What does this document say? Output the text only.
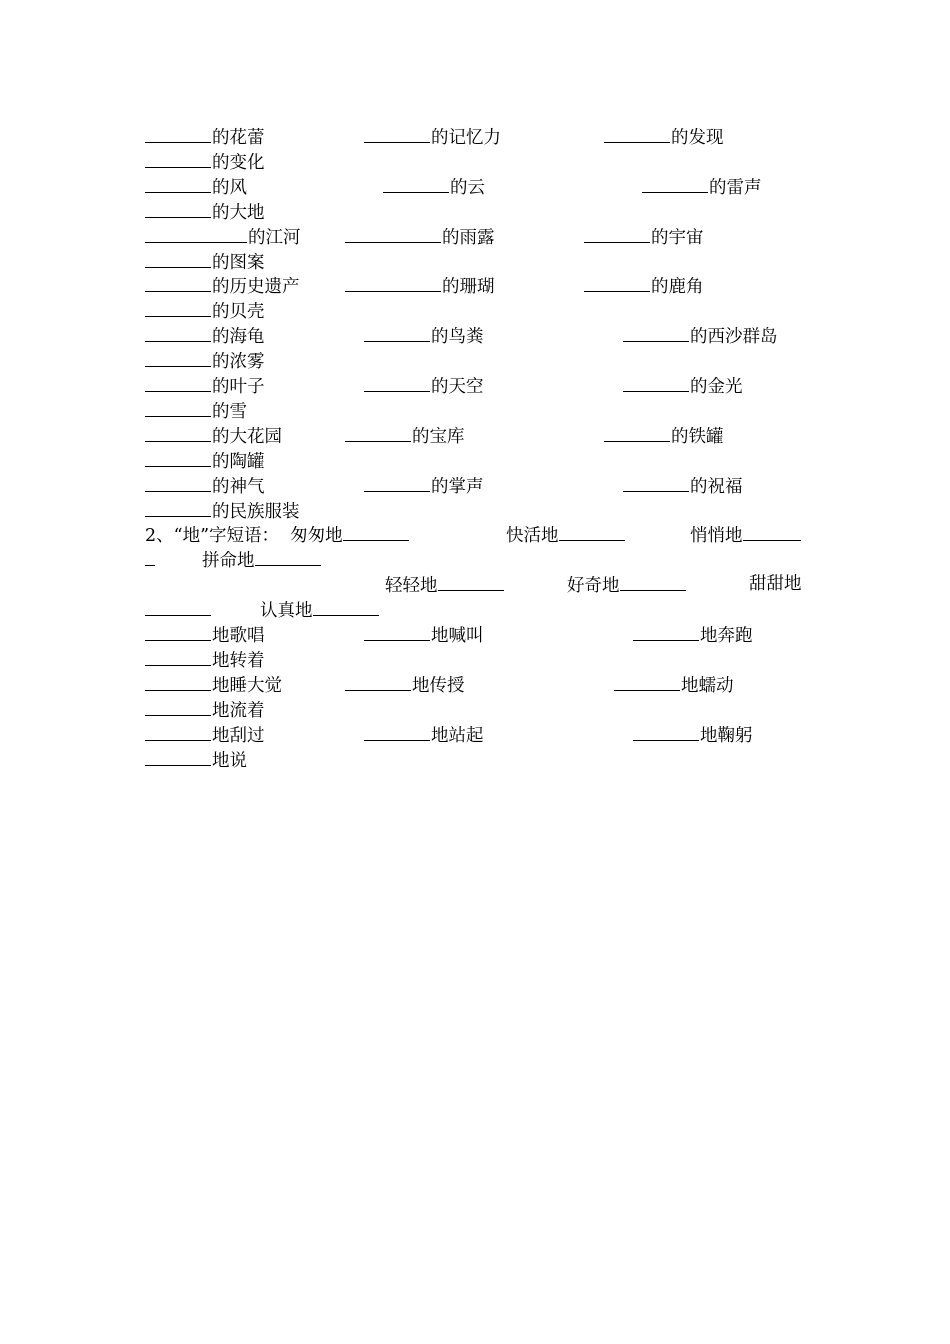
的花蕾	的记忆力	的发现
的变化
的风	的云	的雷声
的大地
的江河	的雨露	的宇宙
的图案
的历史遗产	的珊瑚	的鹿角
的贝壳
的海龟	的鸟粪	的西沙群岛
的浓雾
的叶子	的天空	的金光
的雪
的大花园	的宝库	的铁罐
的陶罐
的神气	的掌声	的祝福
的民族服装
2、“地”字短语：  匆匆地	快活地	悄悄地
拼命地
轻轻地	好奇地	甜甜地
认真地
地歌唱	地喊叫	地奔跑
地转着
地睡大觉	地传授	地蠕动
地流着
地刮过	地站起	地鞠躬
地说
